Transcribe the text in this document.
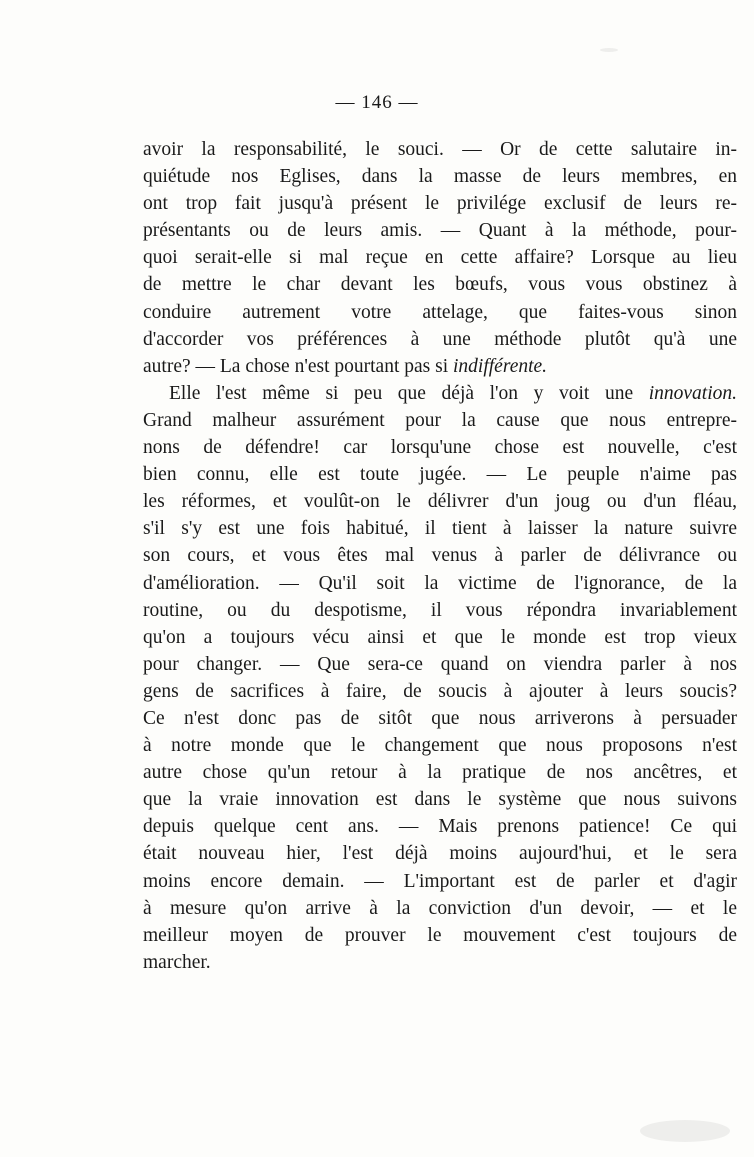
— 146 —
avoir la responsabilité, le souci. — Or de cette salutaire in-
quiétude nos Eglises, dans la masse de leurs membres, en
ont trop fait jusqu'à présent le privilége exclusif de leurs re-
présentants ou de leurs amis. — Quant à la méthode, pour-
quoi serait-elle si mal reçue en cette affaire? Lorsque au lieu
de mettre le char devant les bœufs, vous vous obstinez à
conduire autrement votre attelage, que faites-vous sinon
d'accorder vos préférences à une méthode plutôt qu'à une
autre? — La chose n'est pourtant pas si indifférente.
Elle l'est même si peu que déjà l'on y voit une innovation.
Grand malheur assurément pour la cause que nous entrepre-
nons de défendre! car lorsqu'une chose est nouvelle, c'est
bien connu, elle est toute jugée. — Le peuple n'aime pas
les réformes, et voulût-on le délivrer d'un joug ou d'un fléau,
s'il s'y est une fois habitué, il tient à laisser la nature suivre
son cours, et vous êtes mal venus à parler de délivrance ou
d'amélioration. — Qu'il soit la victime de l'ignorance, de la
routine, ou du despotisme, il vous répondra invariablement
qu'on a toujours vécu ainsi et que le monde est trop vieux
pour changer. — Que sera-ce quand on viendra parler à nos
gens de sacrifices à faire, de soucis à ajouter à leurs soucis?
Ce n'est donc pas de sitôt que nous arriverons à persuader
à notre monde que le changement que nous proposons n'est
autre chose qu'un retour à la pratique de nos ancêtres, et
que la vraie innovation est dans le système que nous suivons
depuis quelque cent ans. — Mais prenons patience! Ce qui
était nouveau hier, l'est déjà moins aujourd'hui, et le sera
moins encore demain. — L'important est de parler et d'agir
à mesure qu'on arrive à la conviction d'un devoir, — et le
meilleur moyen de prouver le mouvement c'est toujours de
marcher.
